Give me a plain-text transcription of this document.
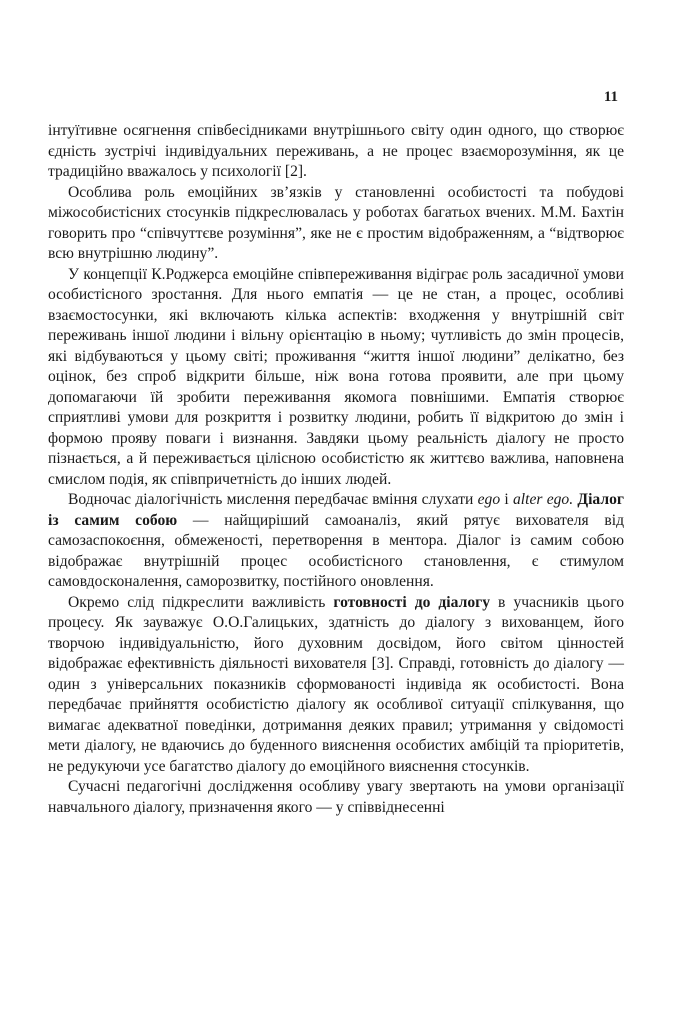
11

інтуїтивне осягнення співбесідниками внутрішнього світу один одного, що створює єдність зустрічі індивідуальних переживань, а не процес взаєморозуміння, як це традиційно вважалось у психології [2].

Особлива роль емоційних зв’язків у становленні особистості та побудові міжособистісних стосунків підкреслювалась у роботах багатьох вчених. М.М. Бахтін говорить про “співчуттєве розуміння”, яке не є простим відображенням, а “відтворює всю внутрішню людину”.

У концепції К.Роджерса емоційне співпереживання відіграє роль засадичної умови особистісного зростання. Для нього емпатія — це не стан, а процес, особливі взаємостосунки, які включають кілька аспектів: входження у внутрішній світ переживань іншої людини і вільну орієнтацію в ньому; чутливість до змін процесів, які відбуваються у цьому світі; проживання “життя іншої людини” делікатно, без оцінок, без спроб відкрити більше, ніж вона готова проявити, але при цьому допомагаючи їй зробити переживання якомога повнішими. Емпатія створює сприятливі умови для розкриття і розвитку людини, робить її відкритою до змін і формою прояву поваги і визнання. Завдяки цьому реальність діалогу не просто пізнається, а й переживається цілісною особистістю як життєво важлива, наповнена смислом подія, як співпричетність до інших людей.

Водночас діалогічність мислення передбачає вміння слухати ego і alter ego. Діалог із самим собою — найщиріший самоаналіз, який рятує вихователя від самозаспокоєння, обмеженості, перетворення в ментора. Діалог із самим собою відображає внутрішній процес особистісного становлення, є стимулом самовдосконалення, саморозвитку, постійного оновлення.

Окремо слід підкреслити важливість готовності до діалогу в учасників цього процесу. Як зауважує О.О.Галицьких, здатність до діалогу з вихованцем, його творчою індивідуальністю, його духовним досвідом, його світом цінностей відображає ефективність діяльності вихователя [3]. Справді, готовність до діалогу — один з універсальних показників сформованості індивіда як особистості. Вона передбачає прийняття особистістю діалогу як особливої ситуації спілкування, що вимагає адекватної поведінки, дотримання деяких правил; утримання у свідомості мети діалогу, не вдаючись до буденного вияснення особистих амбіцій та пріоритетів, не редукуючи усе багатство діалогу до емоційного вияснення стосунків.

Сучасні педагогічні дослідження особливу увагу звертають на умови організації навчального діалогу, призначення якого — у співвіднесенні
